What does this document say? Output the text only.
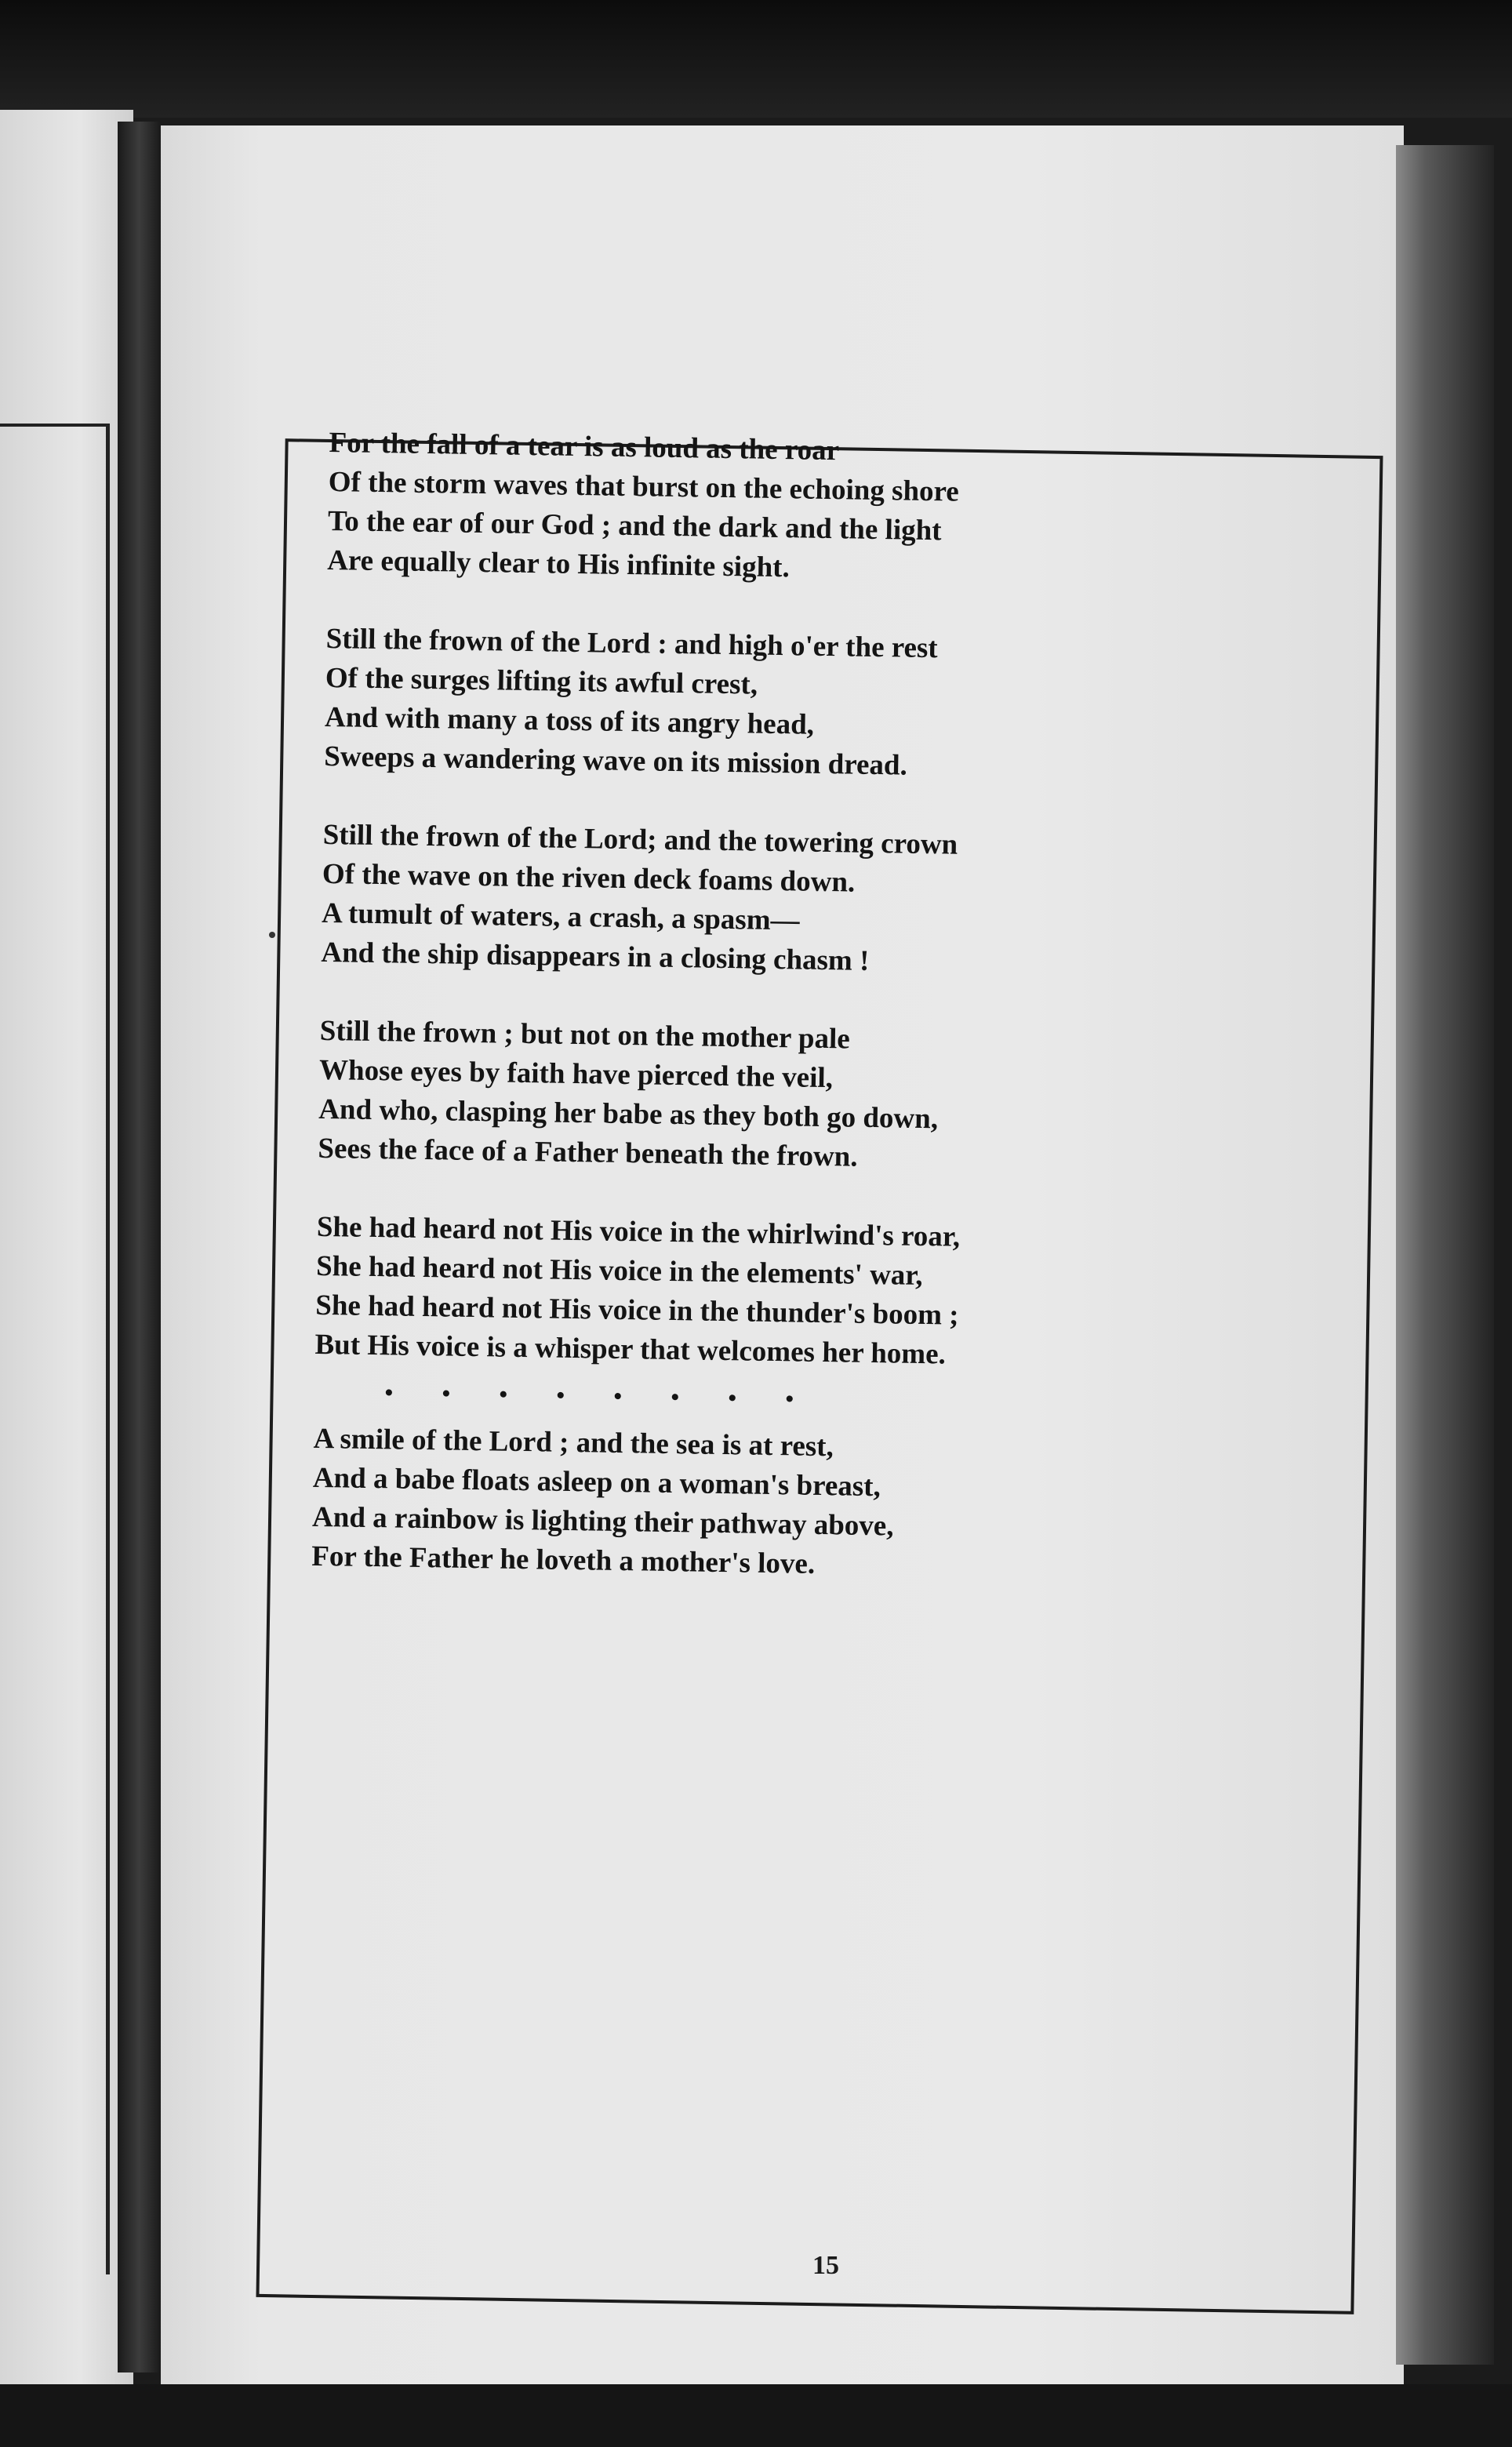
15
For the fall of a tear is as loud as the roar
Of the storm waves that burst on the echoing shore
To the ear of our God ; and the dark and the light
Are equally clear to His infinite sight.
Still the frown of the Lord : and high o'er the rest
Of the surges lifting its awful crest,
And with many a toss of its angry head,
Sweeps a wandering wave on its mission dread.
Still the frown of the Lord; and the towering crown
Of the wave on the riven deck foams down.
A tumult of waters, a crash, a spasm—
And the ship disappears in a closing chasm !
Still the frown ; but not on the mother pale
Whose eyes by faith have pierced the veil,
And who, clasping her babe as they both go down,
Sees the face of a Father beneath the frown.
She had heard not His voice in the whirlwind's roar,
She had heard not His voice in the elements' war,
She had heard not His voice in the thunder's boom ;
But His voice is a whisper that welcomes her home.
• • • • • • • •
A smile of the Lord ; and the sea is at rest,
And a babe floats asleep on a woman's breast,
And a rainbow is lighting their pathway above,
For the Father he loveth a mother's love.
